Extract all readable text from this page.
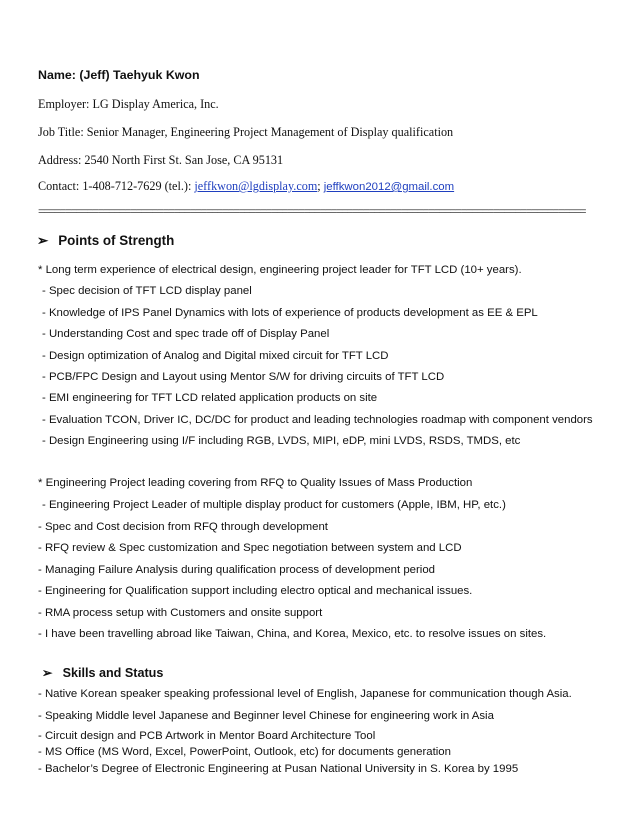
Name: (Jeff) Taehyuk Kwon
Employer: LG Display America, Inc.
Job Title: Senior Manager, Engineering Project Management of Display qualification
Address: 2540 North First St. San Jose, CA 95131
Contact: 1-408-712-7629 (tel.): jeffkwon@lgdisplay.com; jeffkwon2012@gmail.com
=====================================================================================================
➢ Points of Strength
* Long term experience of electrical design, engineering project leader for TFT LCD (10+ years).
- Spec decision of TFT LCD display panel
- Knowledge of IPS Panel Dynamics with lots of experience of products development as EE & EPL
- Understanding Cost and spec trade off of Display Panel
- Design optimization of Analog and Digital mixed circuit for TFT LCD
- PCB/FPC Design and Layout using Mentor S/W for driving circuits of TFT LCD
- EMI engineering for TFT LCD related application products on site
- Evaluation TCON, Driver IC, DC/DC for product and leading technologies roadmap with component vendors
- Design Engineering using I/F including RGB, LVDS, MIPI, eDP, mini LVDS, RSDS, TMDS, etc
* Engineering Project leading covering from RFQ to Quality Issues of Mass Production
- Engineering Project Leader of multiple display product for customers (Apple, IBM, HP, etc.)
- Spec and Cost decision from RFQ through development
- RFQ review & Spec customization and Spec negotiation between system and LCD
- Managing Failure Analysis during qualification process of development period
- Engineering for Qualification support including electro optical and mechanical issues.
- RMA process setup with Customers and onsite support
- I have been travelling abroad like Taiwan, China, and Korea, Mexico, etc. to resolve issues on sites.
➢ Skills and Status
- Native Korean speaker speaking professional level of English, Japanese for communication though Asia.
- Speaking Middle level Japanese and Beginner level Chinese for engineering work in Asia
- Circuit design and PCB Artwork in Mentor Board Architecture Tool
- MS Office (MS Word, Excel, PowerPoint, Outlook, etc) for documents generation
- Bachelor’s Degree of Electronic Engineering at Pusan National University in S. Korea by 1995
